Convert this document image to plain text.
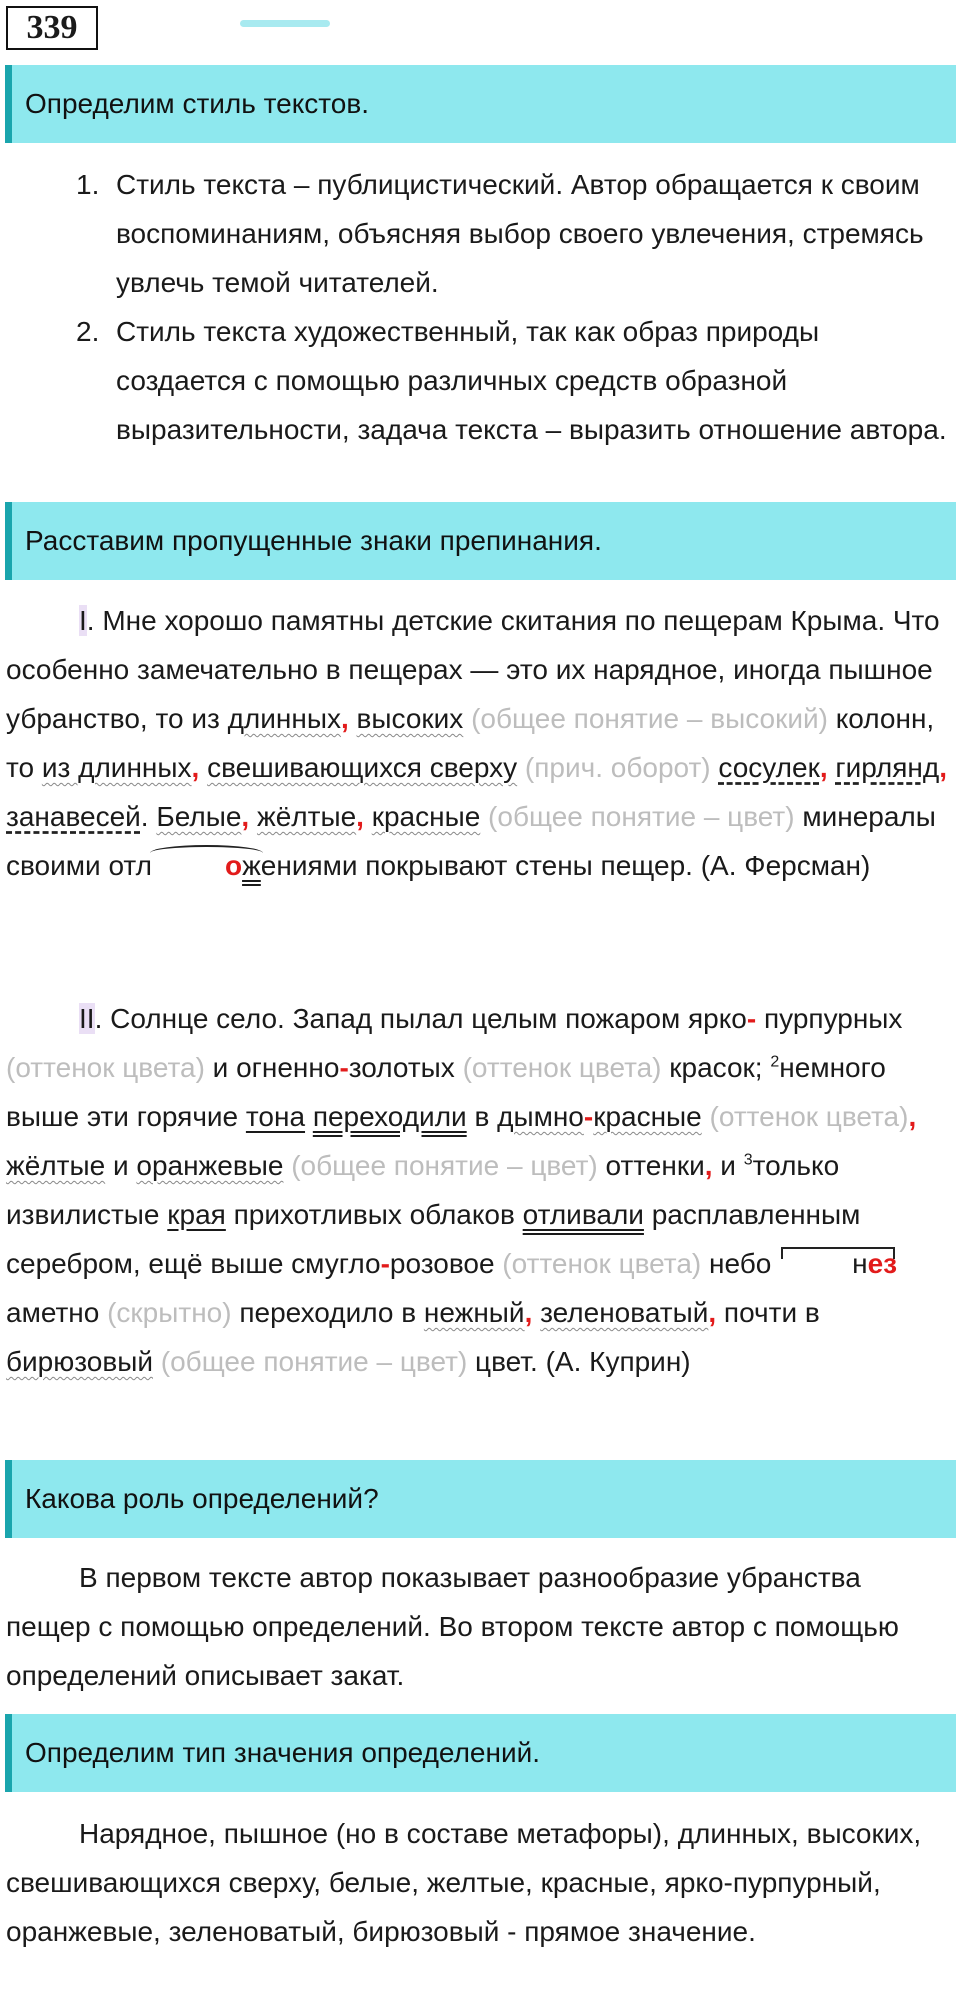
339
Определим стиль текстов.
1. Стиль текста – публицистический. Автор обращается к своим воспоминаниям, объясняя выбор своего увлечения, стремясь увлечь темой читателей.
2. Стиль текста художественный, так как образ природы создается с помощью различных средств образной выразительности, задача текста – выразить отношение автора.
Расставим пропущенные знаки препинания.

I. Мне хорошо памятны детские скитания по пещерам Крыма. Что особенно замечательно в пещерах — это их нарядное, иногда пышное убранство, то из длинных, высоких (общее понятие – высокий) колонн, то из длинных, свешивающихся сверху (прич. оборот) сосулек, гирлянд, занавесей. Белые, жёлтые, красные (общее понятие – цвет) минералы своими отл	ожениями покрывают стены пещер. (А. Ферсман)

II. Солнце село. Запад пылал целым пожаром ярко- пурпурных (оттенок цвета) и огненно-золотых (оттенок цвета) красок; $^2$немного выше эти горячие тона переходили в дымно-красные (оттенок цвета), жёлтые и оранжевые (общее понятие – цвет) оттенки, и $^3$только извилистые края прихотливых облаков отливали расплавленным серебром, ещё выше смугло-розовое (оттенок цвета) небо	незаметно (скрытно) переходило в нежный, зеленоватый, почти в бирюзовый (общее понятие – цвет) цвет. (А. Куприн)

Какова роль определений?

В первом тексте автор показывает разнообразие убранства пещер с помощью определений. Во втором тексте автор с помощью определений описывает закат.

Определим тип значения определений.

Нарядное, пышное (но в составе метафоры), длинных, высоких, свешивающихся сверху, белые, желтые, красные, ярко-пурпурный, оранжевые, зеленоватый, бирюзовый - прямое значение.
